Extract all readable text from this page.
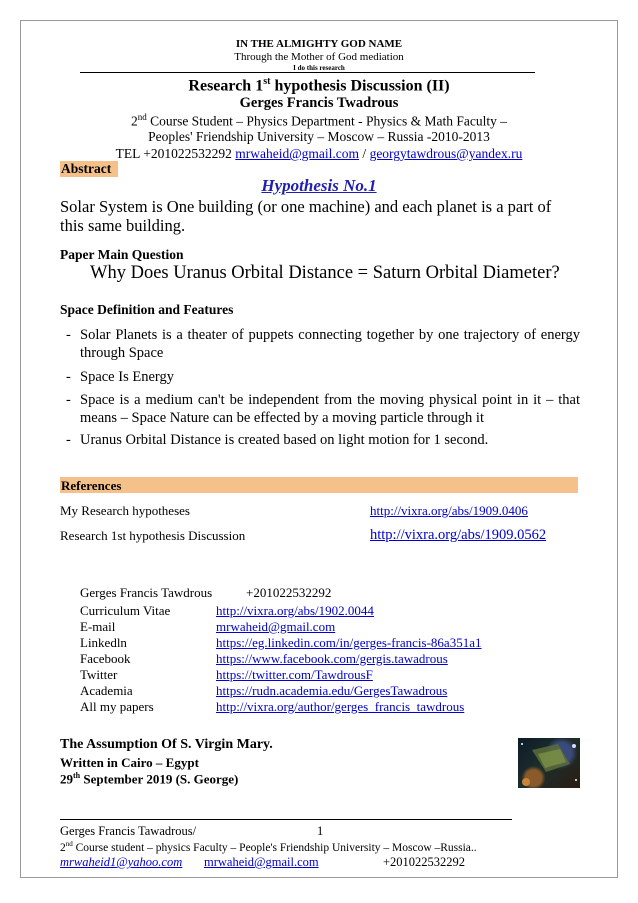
IN THE ALMIGHTY GOD NAME
Through the Mother of God mediation
I do this research
Research 1st hypothesis Discussion (II)
Gerges Francis Twadrous
2nd Course Student – Physics Department - Physics & Math Faculty –
Peoples' Friendship University – Moscow – Russia -2010-2013
TEL +201022532292 mrwaheid@gmail.com / georgytawdrous@yandex.ru
Abstract
Hypothesis No.1
Solar System is One building (or one machine) and each planet is a part of
this same building.
Paper Main Question
Why Does Uranus Orbital Distance = Saturn Orbital Diameter?
Space Definition and Features
- Solar Planets is a theater of puppets connecting together by one trajectory of energy through Space
- Space Is Energy
- Space is a medium can't be independent from the moving physical point in it – that means – Space Nature can be effected by a moving particle through it
- Uranus Orbital Distance is created based on light motion for 1 second.
References
My Research hypotheses	http://vixra.org/abs/1909.0406
Research 1st hypothesis Discussion	http://vixra.org/abs/1909.0562
Gerges Francis Tawdrous	+201022532292
Curriculum Vitae	http://vixra.org/abs/1902.0044
E-mail	mrwaheid@gmail.com
Linkedln	https://eg.linkedin.com/in/gerges-francis-86a351a1
Facebook	https://www.facebook.com/gergis.tawadrous
Twitter	https://twitter.com/TawdrousF
Academia	https://rudn.academia.edu/GergesTawadrous
All my papers	http://vixra.org/author/gerges_francis_tawdrous
The Assumption Of S. Virgin Mary.
Written in Cairo – Egypt
29th September 2019 (S. George)
Gerges Francis Tawadrous/	1
2nd Course student – physics Faculty – People's Friendship University – Moscow –Russia..
mrwaheid1@yahoo.com mrwaheid@gmail.com	+201022532292
